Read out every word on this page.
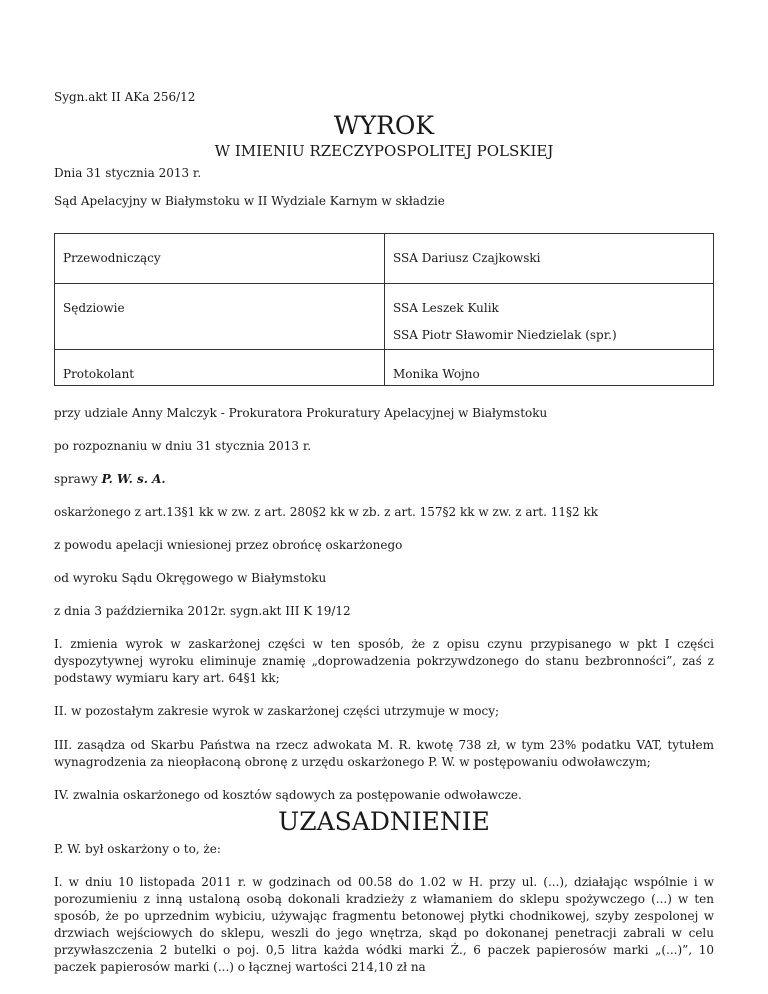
Sygn.akt II AKa 256/12

WYROK
W IMIENIU RZECZYPOSPOLITEJ POLSKIEJ

Dnia 31 stycznia 2013 r.

Sąd Apelacyjny w Białymstoku w II Wydziale Karnym w składzie

Przewodniczący	SSA Dariusz Czajkowski

Sędziowie	SSA Leszek Kulik
SSA Piotr Sławomir Niedzielak (spr.)

Protokolant	Monika Wojno

przy udziale Anny Malczyk - Prokuratora Prokuratury Apelacyjnej w Białymstoku

po rozpoznaniu w dniu 31 stycznia 2013 r.

sprawy P. W. s. A.

oskarżonego z art.13§1 kk w zw. z art. 280§2 kk w zb. z art. 157§2 kk w zw. z art. 11§2 kk

z powodu apelacji wniesionej przez obrońcę oskarżonego

od wyroku Sądu Okręgowego w Białymstoku

z dnia 3 października 2012r. sygn.akt III K 19/12

I. zmienia wyrok w zaskarżonej części w ten sposób, że z opisu czynu przypisanego w pkt I części dyspozytywnej wyroku eliminuje znamię „doprowadzenia pokrzywdzonego do stanu bezbronności”, zaś z podstawy wymiaru kary art. 64§1 kk;

II. w pozostałym zakresie wyrok w zaskarżonej części utrzymuje w mocy;

III. zasądza od Skarbu Państwa na rzecz adwokata M. R. kwotę 738 zł, w tym 23% podatku VAT, tytułem wynagrodzenia za nieopłaconą obronę z urzędu oskarżonego P. W. w postępowaniu odwoławczym;

IV. zwalnia oskarżonego od kosztów sądowych za postępowanie odwoławcze.

UZASADNIENIE

P. W. był oskarżony o to, że:

I. w dniu 10 listopada 2011 r. w godzinach od 00.58 do 1.02 w H. przy ul. (...), działając wspólnie i w porozumieniu z inną ustaloną osobą dokonali kradzieży z włamaniem do sklepu spożywczego (...) w ten sposób, że po uprzednim wybiciu, używając fragmentu betonowej płytki chodnikowej, szyby zespolonej w drzwiach wejściowych do sklepu, weszli do jego wnętrza, skąd po dokonanej penetracji zabrali w celu przywłaszczenia 2 butelki o poj. 0,5 litra każda wódki marki Ż., 6 paczek papierosów marki „(...)”, 10 paczek papierosów marki (...) o łącznej wartości 214,10 zł na
